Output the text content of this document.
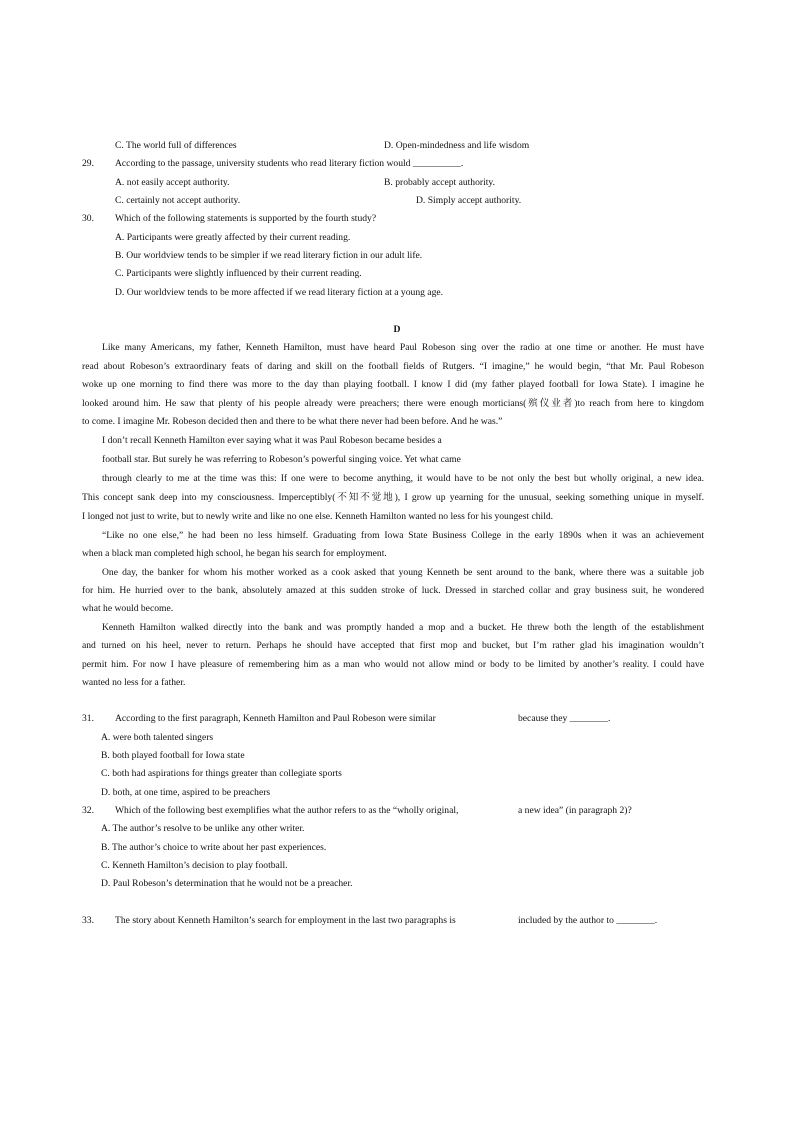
C. The world full of differences	D. Open-mindedness and life wisdom
29. According to the passage, university students who read literary fiction would __________.
A. not easily accept authority.	B. probably accept authority.
C. certainly not accept authority.	D. Simply accept authority.
30. Which of the following statements is supported by the fourth study?
A. Participants were greatly affected by their current reading.
B. Our worldview tends to be simpler if we read literary fiction in our adult life.
C. Participants were slightly influenced by their current reading.
D. Our worldview tends to be more affected if we read literary fiction at a young age.
D
Like many Americans, my father, Kenneth Hamilton, must have heard Paul Robeson sing over the radio at one time or another. He must have
read about Robeson’s extraordinary feats of daring and skill on the football fields of Rutgers. “I imagine,” he would begin, “that Mr. Paul Robeson
woke up one morning to find there was more to the day than playing football. I know I did (my father played football for Iowa State). I imagine he
looked around him. He saw that plenty of his people already were preachers; there were enough morticians(殡仪业者)to reach from here to kingdom
to come. I imagine Mr. Robeson decided then and there to be what there never had been before. And he was.”
I don’t recall Kenneth Hamilton ever saying what it was Paul Robeson became besides a
football star. But surely he was referring to Robeson’s powerful singing voice. Yet what came
through clearly to me at the time was this: If one were to become anything, it would have to be not only the best but wholly original, a new idea.
This concept sank deep into my consciousness. Imperceptibly(不知不觉地), I grow up yearning for the unusual, seeking something unique in myself.
I longed not just to write, but to newly write and like no one else. Kenneth Hamilton wanted no less for his youngest child.
“Like no one else,” he had been no less himself. Graduating from Iowa State Business College in the early 1890s when it was an achievement
when a black man completed high school, he began his search for employment.
One day, the banker for whom his mother worked as a cook asked that young Kenneth be sent around to the bank, where there was a suitable job
for him. He hurried over to the bank, absolutely amazed at this sudden stroke of luck. Dressed in starched collar and gray business suit, he wondered
what he would become.
Kenneth Hamilton walked directly into the bank and was promptly handed a mop and a bucket. He threw both the length of the establishment
and turned on his heel, never to return. Perhaps he should have accepted that first mop and bucket, but I’m rather glad his imagination wouldn’t
permit him. For now I have pleasure of remembering him as a man who would not allow mind or body to be limited by another’s reality. I could have
wanted no less for a father.
31. According to the first paragraph, Kenneth Hamilton and Paul Robeson were similar	because they ________.
A. were both talented singers
B. both played football for Iowa state
C. both had aspirations for things greater than collegiate sports
D. both, at one time, aspired to be preachers
32. Which of the following best exemplifies what the author refers to as the “wholly original,	a new idea” (in paragraph 2)?
A. The author’s resolve to be unlike any other writer.
B. The author’s choice to write about her past experiences.
C. Kenneth Hamilton’s decision to play football.
D. Paul Robeson’s determination that he would not be a preacher.
33. The story about Kenneth Hamilton’s search for employment in the last two paragraphs is	included by the author to ________.
